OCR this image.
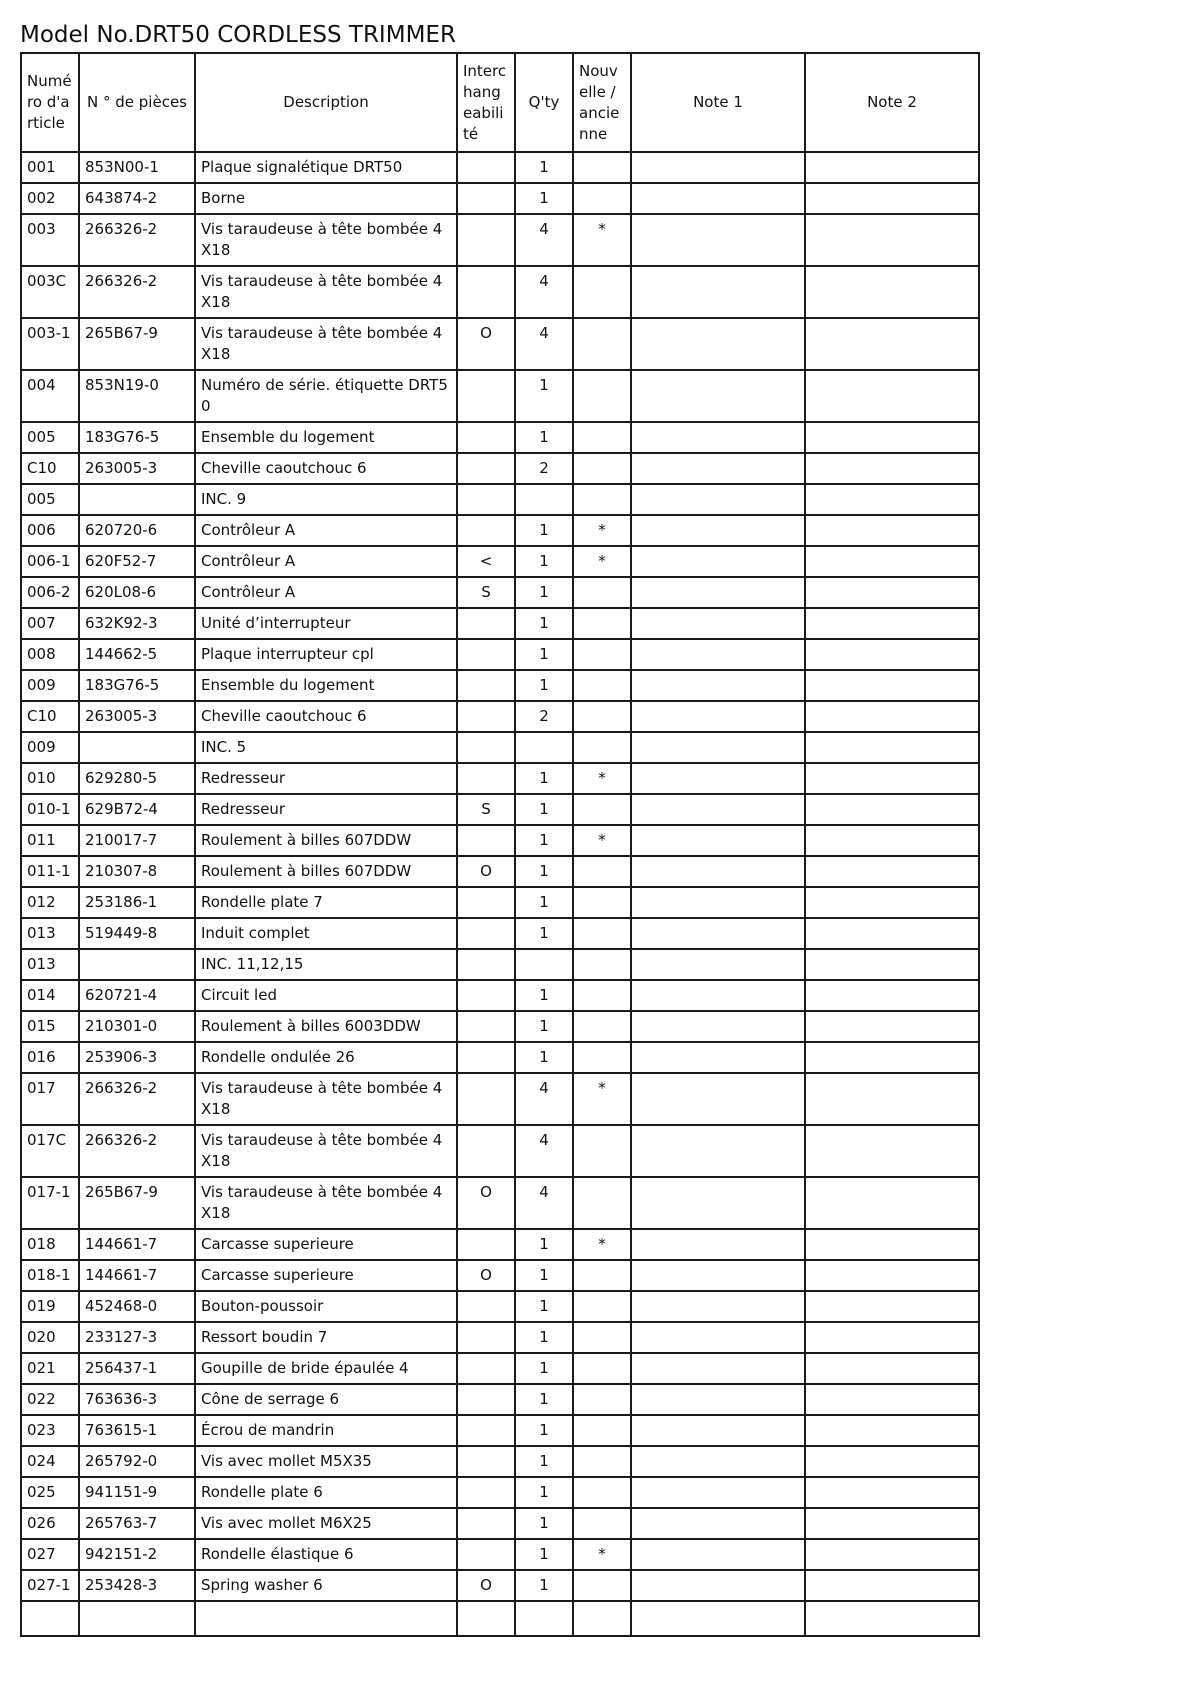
Model No.DRT50 CORDLESS TRIMMER
Numéro d'article	N ° de pièces	Description	Interchangeabilité	Q'ty	Nouvelle / ancienne	Note 1	Note 2
001	853N00-1	Plaque signalétique DRT50		1			
002	643874-2	Borne		1			
003	266326-2	Vis taraudeuse à tête bombée 4X18		4	*		
003C	266326-2	Vis taraudeuse à tête bombée 4X18		4			
003-1	265B67-9	Vis taraudeuse à tête bombée 4X18	O	4			
004	853N19-0	Numéro de série. étiquette DRT50		1			
005	183G76-5	Ensemble du logement		1			
C10	263005-3	Cheville caoutchouc 6		2			
005		INC. 9					
006	620720-6	Contrôleur A		1	*		
006-1	620F52-7	Contrôleur A	<	1	*		
006-2	620L08-6	Contrôleur A	S	1			
007	632K92-3	Unité d’interrupteur		1			
008	144662-5	Plaque interrupteur cpl		1			
009	183G76-5	Ensemble du logement		1			
C10	263005-3	Cheville caoutchouc 6		2			
009		INC. 5					
010	629280-5	Redresseur		1	*		
010-1	629B72-4	Redresseur	S	1			
011	210017-7	Roulement à billes 607DDW		1	*		
011-1	210307-8	Roulement à billes 607DDW	O	1			
012	253186-1	Rondelle plate 7		1			
013	519449-8	Induit complet		1			
013		INC. 11,12,15					
014	620721-4	Circuit led		1			
015	210301-0	Roulement à billes 6003DDW		1			
016	253906-3	Rondelle ondulée 26		1			
017	266326-2	Vis taraudeuse à tête bombée 4X18		4	*		
017C	266326-2	Vis taraudeuse à tête bombée 4X18		4			
017-1	265B67-9	Vis taraudeuse à tête bombée 4X18	O	4			
018	144661-7	Carcasse superieure		1	*		
018-1	144661-7	Carcasse superieure	O	1			
019	452468-0	Bouton-poussoir		1			
020	233127-3	Ressort boudin 7		1			
021	256437-1	Goupille de bride épaulée 4		1			
022	763636-3	Cône de serrage 6		1			
023	763615-1	Écrou de mandrin		1			
024	265792-0	Vis avec mollet M5X35		1			
025	941151-9	Rondelle plate 6		1			
026	265763-7	Vis avec mollet M6X25		1			
027	942151-2	Rondelle élastique 6		1	*		
027-1	253428-3	Spring washer 6	O	1			
